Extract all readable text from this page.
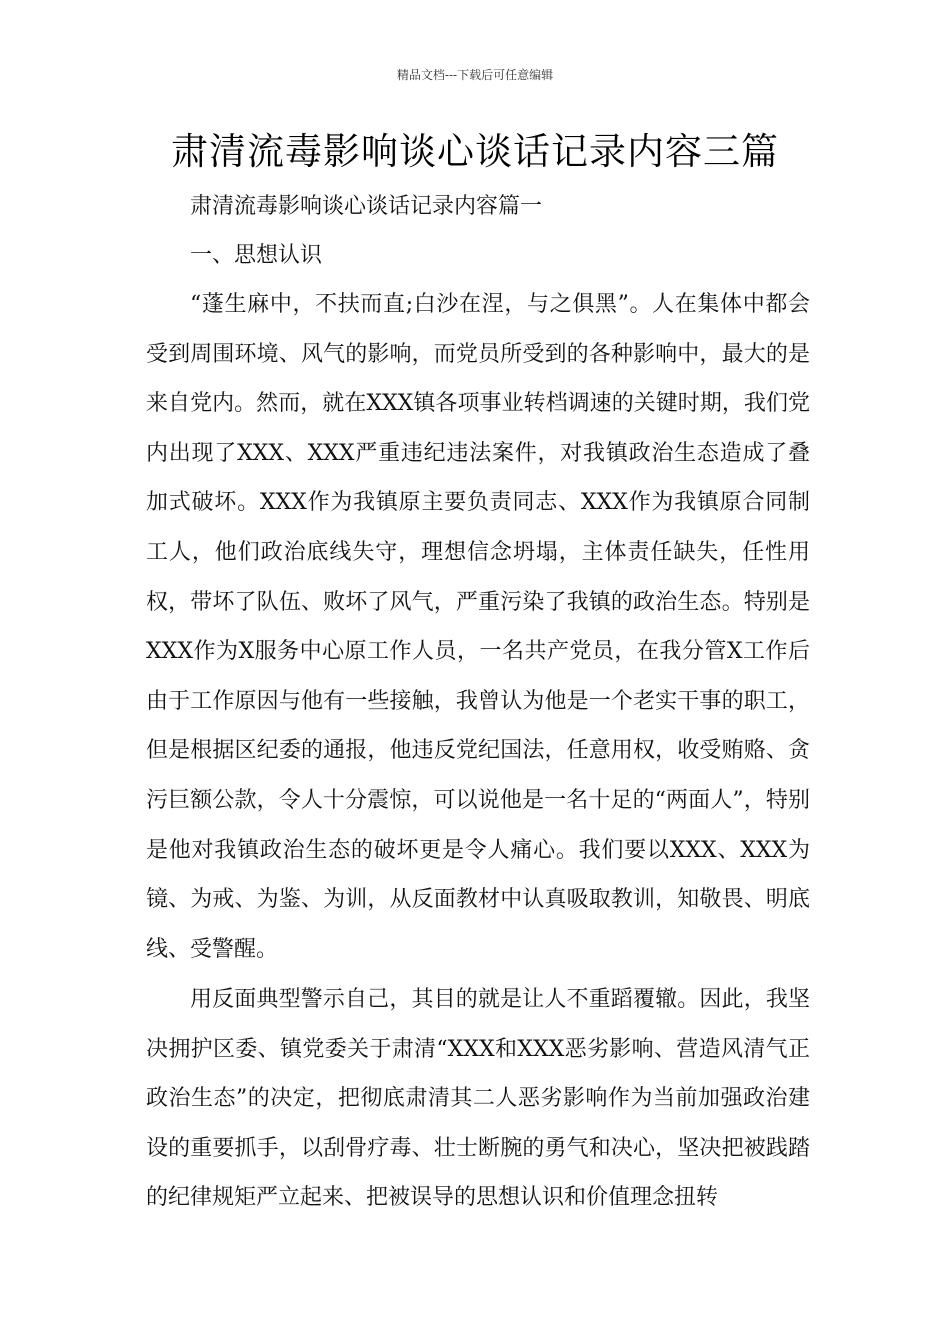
精品文档---下载后可任意编辑
肃清流毒影响谈心谈话记录内容三篇

肃清流毒影响谈心谈话记录内容篇一

一、思想认识

“蓬生麻中，不扶而直;白沙在涅，与之俱黑”。人在集体中都会受到周围环境、风气的影响，而党员所受到的各种影响中，最大的是来自党内。然而，就在XXX镇各项事业转档调速的关键时期，我们党内出现了XXX、XXX严重违纪违法案件，对我镇政治生态造成了叠加式破坏。XXX作为我镇原主要负责同志、XXX作为我镇原合同制工人，他们政治底线失守，理想信念坍塌，主体责任缺失，任性用权，带坏了队伍、败坏了风气，严重污染了我镇的政治生态。特别是XXX作为X服务中心原工作人员，一名共产党员，在我分管X工作后由于工作原因与他有一些接触，我曾认为他是一个老实干事的职工，但是根据区纪委的通报，他违反党纪国法，任意用权，收受贿赂、贪污巨额公款，令人十分震惊，可以说他是一名十足的“两面人”，特别是他对我镇政治生态的破坏更是令人痛心。我们要以XXX、XXX为镜、为戒、为鉴、为训，从反面教材中认真吸取教训，知敬畏、明底线、受警醒。

用反面典型警示自己，其目的就是让人不重蹈覆辙。因此，我坚决拥护区委、镇党委关于肃清“XXX和XXX恶劣影响、营造风清气正政治生态”的决定，把彻底肃清其二人恶劣影响作为当前加强政治建设的重要抓手，以刮骨疗毒、壮士断腕的勇气和决心，坚决把被践踏的纪律规矩严立起来、把被误导的思想认识和价值理念扭转
